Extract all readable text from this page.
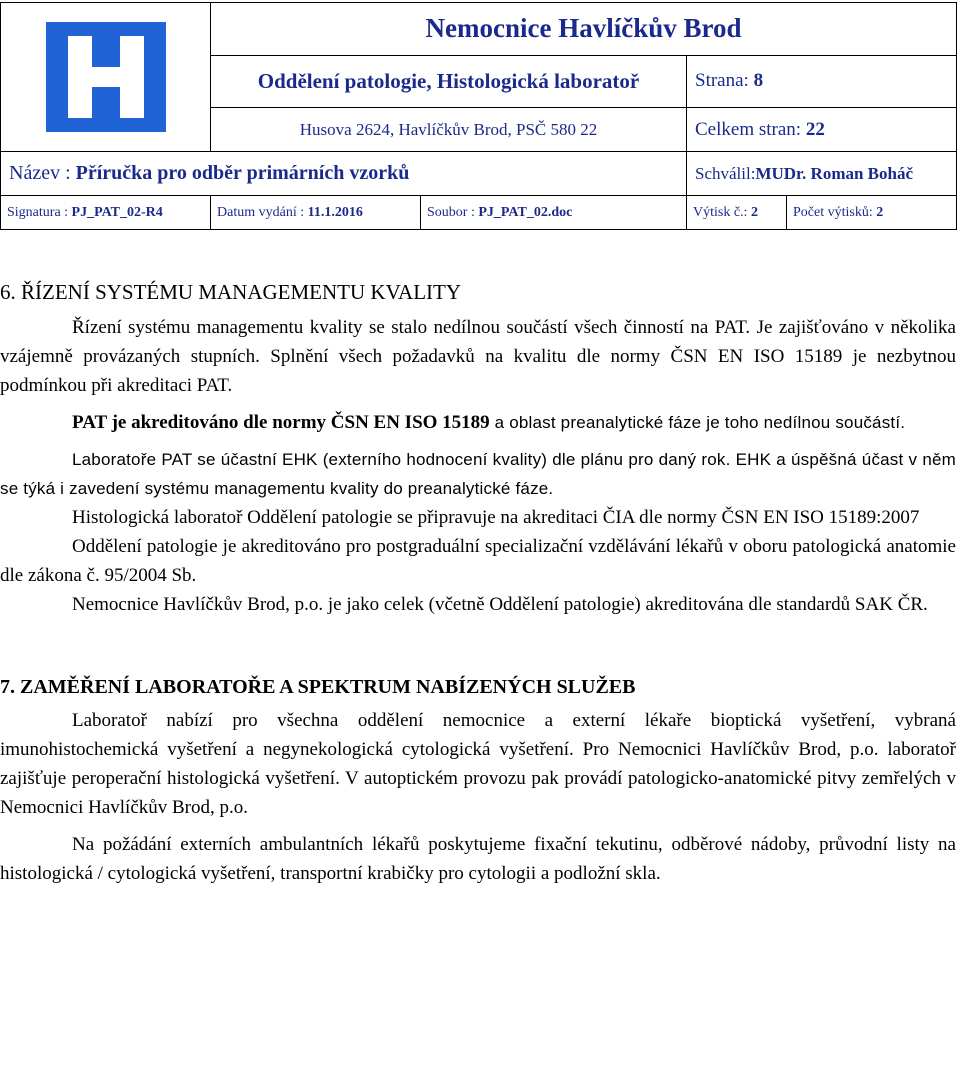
	Nemocnice Havlíčkův Brod			
	Oddělení patologie, Histologická laboratoř		Strana: 8	
	Husova 2624, Havlíčkův Brod, PSČ 580 22		Celkem stran: 22	
Název : Příručka pro odběr primárních vzorků			Schválil:MUDr. Roman Boháč	
Signatura : PJ_PAT_02-R4	Datum vydání : 11.1.2016	Soubor : PJ_PAT_02.doc	Výtisk č.: 2	Počet výtisků: 2
6. ŘÍZENÍ SYSTÉMU MANAGEMENTU KVALITY

Řízení systému managementu kvality se stalo nedílnou součástí všech činností na PAT. Je zajišťováno v několika vzájemně provázaných stupních. Splnění všech požadavků na kvalitu dle normy ČSN EN ISO 15189 je nezbytnou podmínkou při akreditaci PAT.

PAT je akreditováno dle normy ČSN EN ISO 15189 a oblast preanalytické fáze je toho nedílnou součástí.

Laboratoře PAT se účastní EHK (externího hodnocení kvality) dle plánu pro daný rok. EHK a úspěšná účast v něm se týká i zavedení systému managementu kvality do preanalytické fáze.

Histologická laboratoř Oddělení patologie se připravuje na akreditaci ČIA dle normy ČSN EN ISO 15189:2007

Oddělení patologie je akreditováno pro postgraduální specializační vzdělávání lékařů v oboru patologická anatomie dle zákona č. 95/2004 Sb.

Nemocnice Havlíčkův Brod, p.o. je jako celek (včetně Oddělení patologie) akreditována dle standardů SAK ČR.

7. ZAMĚŘENÍ LABORATOŘE A SPEKTRUM NABÍZENÝCH SLUŽEB

Laboratoř nabízí pro všechna oddělení nemocnice a externí lékaře bioptická vyšetření, vybraná imunohistochemická vyšetření a negynekologická cytologická vyšetření. Pro Nemocnici Havlíčkův Brod, p.o. laboratoř zajišťuje peroperační histologická vyšetření. V autoptickém provozu pak provádí patologicko-anatomické pitvy zemřelých v Nemocnici Havlíčkův Brod, p.o.

Na požádání externích ambulantních lékařů poskytujeme fixační tekutinu, odběrové nádoby, průvodní listy na histologická / cytologická vyšetření, transportní krabičky pro cytologii a podložní skla.
